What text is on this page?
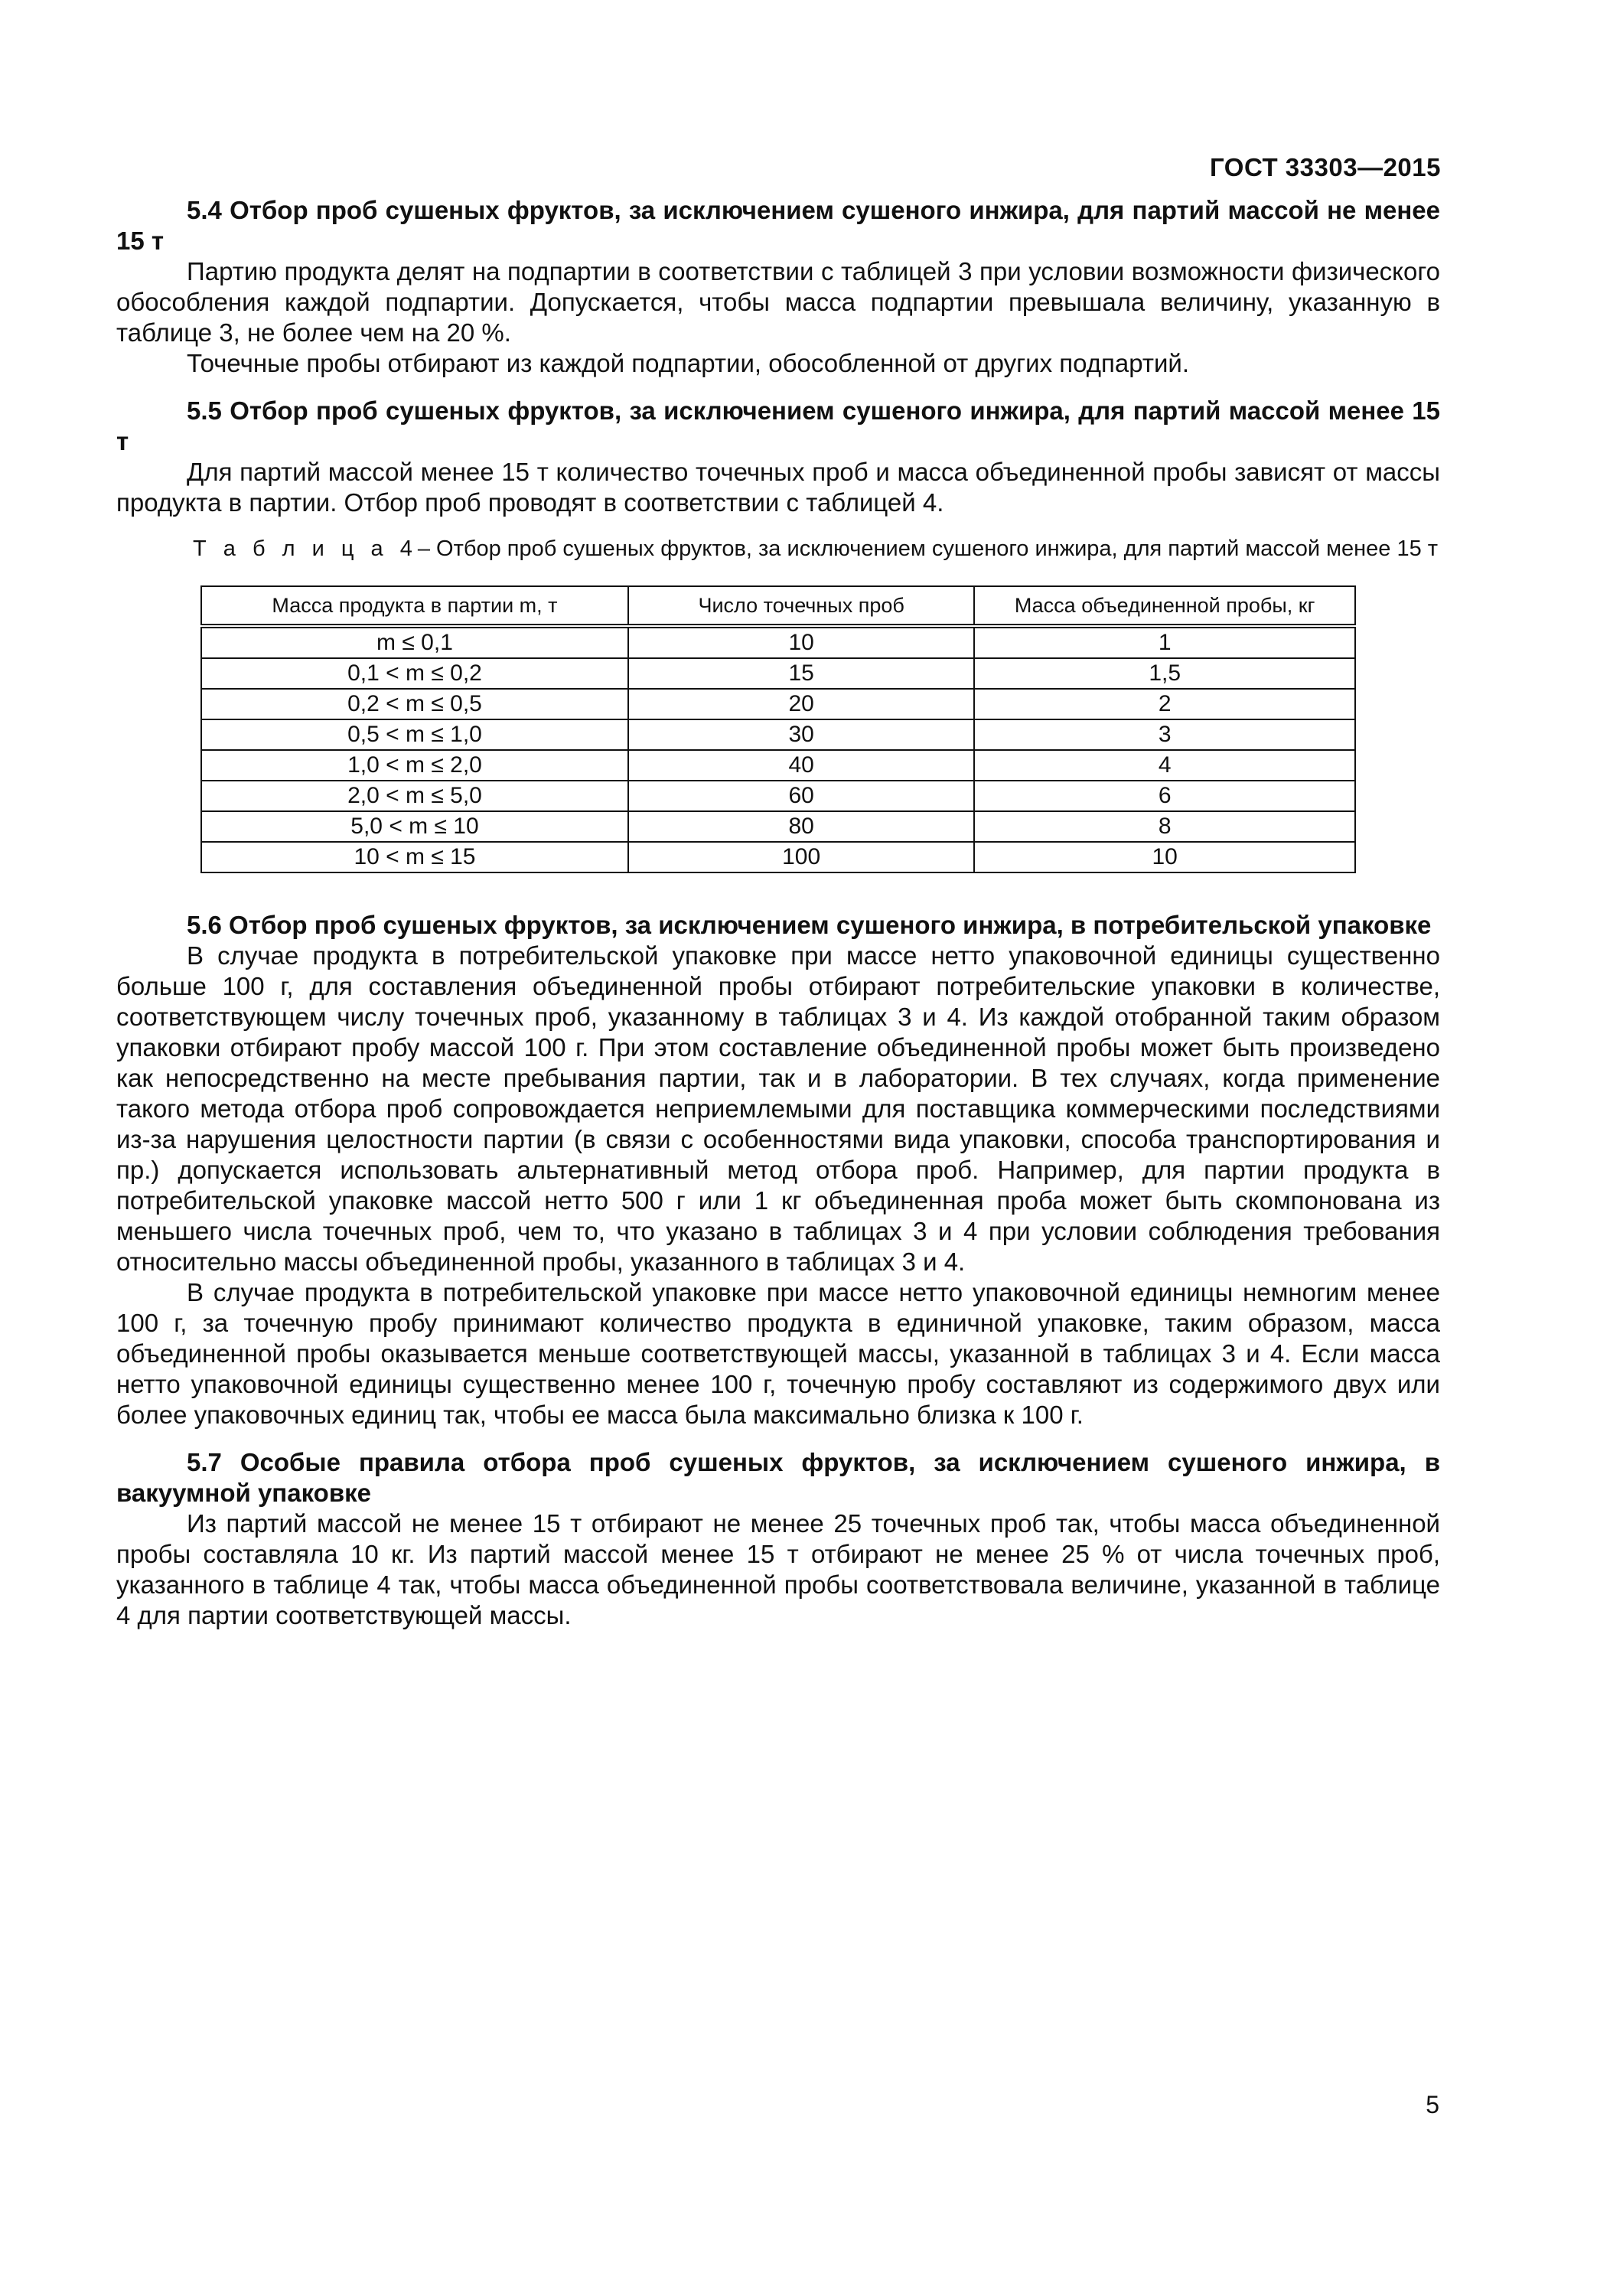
ГОСТ 33303—2015

5.4 Отбор проб сушеных фруктов, за исключением сушеного инжира, для партий массой не менее 15 т

Партию продукта делят на подпартии в соответствии с таблицей 3 при условии возможности физического обособления каждой подпартии. Допускается, чтобы масса подпартии превышала величину, указанную в таблице 3, не более чем на 20 %.

Точечные пробы отбирают из каждой подпартии, обособленной от других подпартий.

5.5 Отбор проб сушеных фруктов, за исключением сушеного инжира, для партий массой менее 15 т

Для партий массой менее 15 т количество точечных проб и масса объединенной пробы зависят от массы продукта в партии. Отбор проб проводят в соответствии с таблицей 4.

Т а б л и ц а 4 – Отбор проб сушеных фруктов, за исключением сушеного инжира, для партий массой менее 15 т
Масса продукта в партии m, т	Число точечных проб	Масса объединенной пробы, кг
m ≤ 0,1	10	1
0,1 < m ≤ 0,2	15	1,5
0,2 < m ≤ 0,5	20	2
0,5 < m ≤ 1,0	30	3
1,0 < m ≤ 2,0	40	4
2,0 < m ≤ 5,0	60	6
5,0 < m ≤ 10	80	8
10 < m ≤ 15	100	10

5.6 Отбор проб сушеных фруктов, за исключением сушеного инжира, в потребительской упаковке

В случае продукта в потребительской упаковке при массе нетто упаковочной единицы существенно больше 100 г, для составления объединенной пробы отбирают потребительские упаковки в количестве, соответствующем числу точечных проб, указанному в таблицах 3 и 4. Из каждой отобранной таким образом упаковки отбирают пробу массой 100 г. При этом составление объединенной пробы может быть произведено как непосредственно на месте пребывания партии, так и в лаборатории. В тех случаях, когда применение такого метода отбора проб сопровождается неприемлемыми для поставщика коммерческими последствиями из-за нарушения целостности партии (в связи с особенностями вида упаковки, способа транспортирования и пр.) допускается использовать альтернативный метод отбора проб. Например, для партии продукта в потребительской упаковке массой нетто 500 г или 1 кг объединенная проба может быть скомпонована из меньшего числа точечных проб, чем то, что указано в таблицах 3 и 4 при условии соблюдения требования относительно массы объединенной пробы, указанного в таблицах 3 и 4.

В случае продукта в потребительской упаковке при массе нетто упаковочной единицы немногим менее 100 г, за точечную пробу принимают количество продукта в единичной упаковке, таким образом, масса объединенной пробы оказывается меньше соответствующей массы, указанной в таблицах 3 и 4. Если масса нетто упаковочной единицы существенно менее 100 г, точечную пробу составляют из содержимого двух или более упаковочных единиц так, чтобы ее масса была максимально близка к 100 г.

5.7 Особые правила отбора проб сушеных фруктов, за исключением сушеного инжира, в вакуумной упаковке

Из партий массой не менее 15 т отбирают не менее 25 точечных проб так, чтобы масса объединенной пробы составляла 10 кг. Из партий массой менее 15 т отбирают не менее 25 % от числа точечных проб, указанного в таблице 4 так, чтобы масса объединенной пробы соответствовала величине, указанной в таблице 4 для партии соответствующей массы.

5
